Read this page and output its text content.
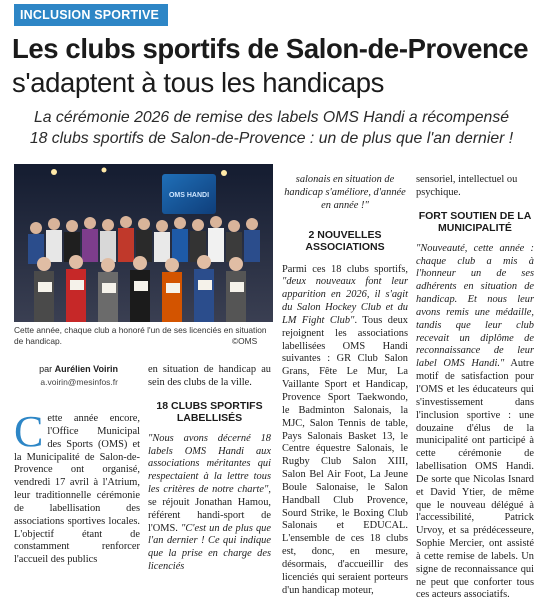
INCLUSION SPORTIVE
Les clubs sportifs de Salon-de-Provence
s'adaptent à tous les handicaps
La cérémonie 2026 de remise des labels OMS Handi a récompensé
18 clubs sportifs de Salon-de-Provence : un de plus que l'an dernier !
OMS HANDI
Cette année, chaque club a honoré l'un de ses licenciés en situation de handicap.	©OMS
par Aurélien Voirin
a.voirin@mesinfos.fr

Cette année encore, l'Office Municipal des Sports (OMS) et la Municipalité de Salon-de-Provence ont organisé, vendredi 17 avril à l'Atrium, leur traditionnelle cérémonie de labellisation des associations sportives locales. L'objectif étant de constamment renforcer l'accueil des publics

en situation de handicap au sein des clubs de la ville.

18 CLUBS SPORTIFS
LABELLISÉS

"Nous avons décerné 18 labels OMS Handi aux associations méritantes qui respectaient à la lettre tous les critères de notre charte", se réjouit Jonathan Hamou, référent handi-sport de l'OMS. "C'est un de plus que l'an dernier ! Ce qui indique que la prise en charge des licenciés

salonais en situation de handicap s'améliore, d'année en année !"

2 NOUVELLES
ASSOCIATIONS

Parmi ces 18 clubs sportifs, "deux nouveaux font leur apparition en 2026, il s'agit du Salon Hockey Club et du LM Fight Club". Tous deux rejoignent les associations labellisées OMS Handi suivantes : GR Club Salon Grans, Fête Le Mur, La Vaillante Sport et Handicap, Provence Sport Taekwondo, le Badminton Salonais, la MJC, Salon Tennis de table, Pays Salonais Basket 13, le Centre équestre Salonais, le Rugby Club Salon XIII, Salon Bel Air Foot, La Jeune Boule Salonaise, le Salon Handball Club Provence, Sourd Strike, le Boxing Club Salonais et EDUCAL. L'ensemble de ces 18 clubs est, donc, en mesure, désormais, d'accueillir des licenciés qui seraient porteurs d'un handicap moteur,

sensoriel, intellectuel ou psychique.

FORT SOUTIEN DE LA
MUNICIPALITÉ

"Nouveauté, cette année : chaque club a mis à l'honneur un de ses adhérents en situation de handicap. Et nous leur avons remis une médaille, tandis que leur club recevait un diplôme de reconnaissance de leur label OMS Handi." Autre motif de satisfaction pour l'OMS et les éducateurs qui s'investissement dans l'inclusion sportive : une douzaine d'élus de la municipalité ont participé à cette cérémonie de labellisation OMS Handi. De sorte que Nicolas Isnard et David Ytier, de même que le nouveau délégué à l'accessibilité, Patrick Urvoy, et sa prédécesseure, Sophie Mercier, ont assisté à cette remise de labels. Un signe de reconnaissance qui ne peut que conforter tous ces acteurs associatifs.
